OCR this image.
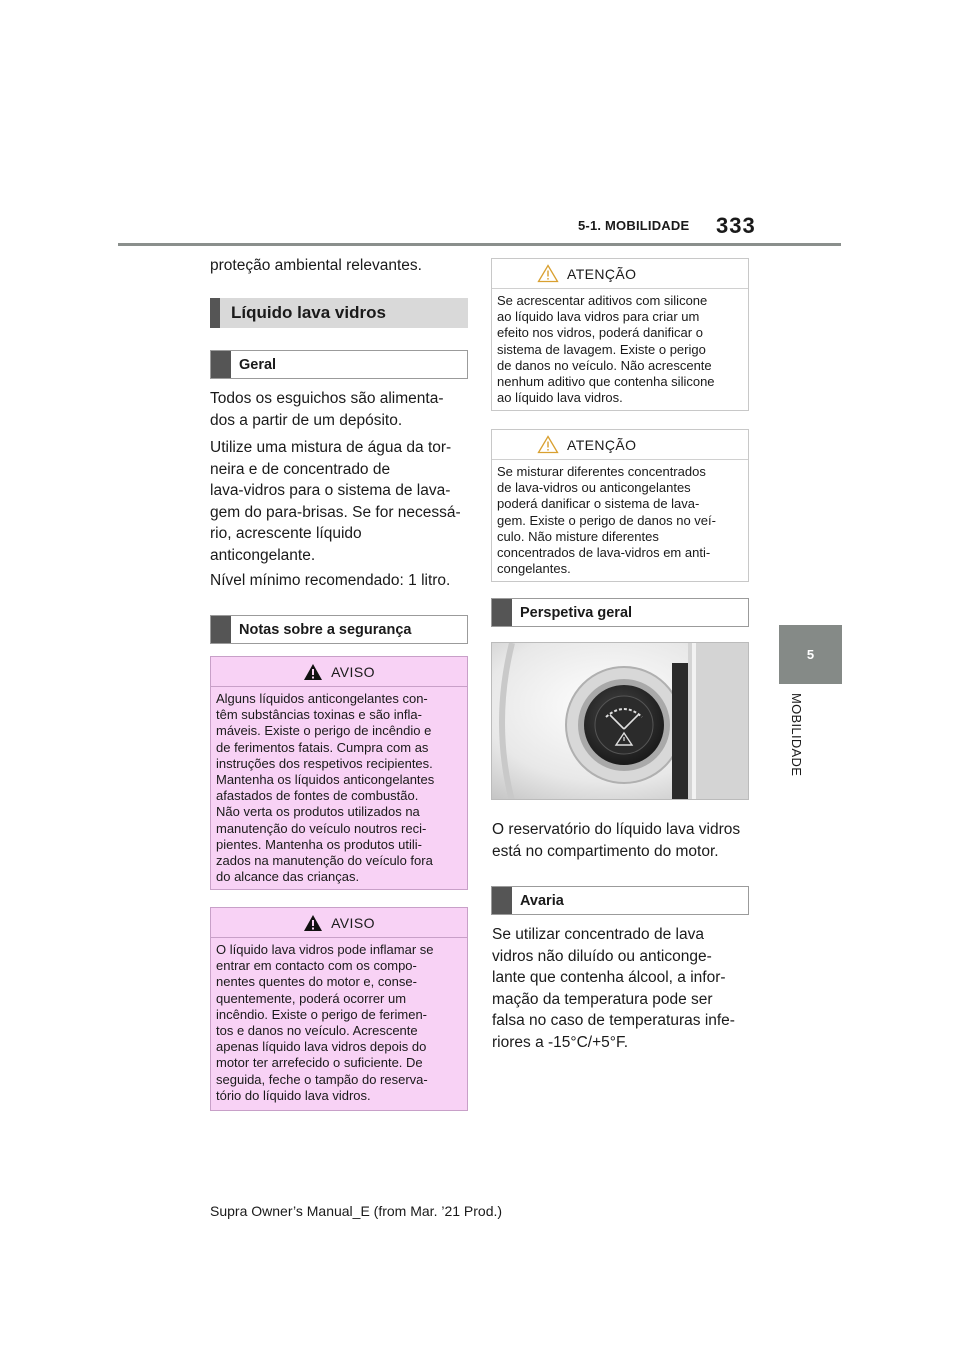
5-1. MOBILIDADE 333
5
MOBILIDADE

proteção ambiental relevantes.

Líquido lava vidros
Geral

Todos os esguichos são alimenta-

dos a partir de um depósito.

Utilize uma mistura de água da tor-

neira e de concentrado de

lava-vidros para o sistema de lava-

gem do para-brisas. Se for necessá-

rio, acrescente líquido

anticongelante.

Nível mínimo recomendado: 1 litro.

Notas sobre a segurança
AVISO
Alguns líquidos anticongelantes con-
têm substâncias toxinas e são infla-
máveis. Existe o perigo de incêndio e
de ferimentos fatais. Cumpra com as
instruções dos respetivos recipientes.
Mantenha os líquidos anticongelantes
afastados de fontes de combustão.
Não verta os produtos utilizados na
manutenção do veículo noutros reci-
pientes. Mantenha os produtos utili-
zados na manutenção do veículo fora
do alcance das crianças.
AVISO
O líquido lava vidros pode inflamar se
entrar em contacto com os compo-
nentes quentes do motor e, conse-
quentemente, poderá ocorrer um
incêndio. Existe o perigo de ferimen-
tos e danos no veículo. Acrescente
apenas líquido lava vidros depois do
motor ter arrefecido o suficiente. De
seguida, feche o tampão do reserva-
tório do líquido lava vidros.
ATENÇÃO
Se acrescentar aditivos com silicone
ao líquido lava vidros para criar um
efeito nos vidros, poderá danificar o
sistema de lavagem. Existe o perigo
de danos no veículo. Não acrescente
nenhum aditivo que contenha silicone
ao líquido lava vidros.
ATENÇÃO
Se misturar diferentes concentrados
de lava-vidros ou anticongelantes
poderá danificar o sistema de lava-
gem. Existe o perigo de danos no veí-
culo. Não misture diferentes
concentrados de lava-vidros em anti-
congelantes.
Perspetiva geral

O reservatório do líquido lava vidros

está no compartimento do motor.

Avaria

Se utilizar concentrado de lava

vidros não diluído ou anticonge-

lante que contenha álcool, a infor-

mação da temperatura pode ser

falsa no caso de temperaturas infe-

riores a -15°C/+5°F.

Supra Owner’s Manual_E (from Mar. ’21 Prod.)
